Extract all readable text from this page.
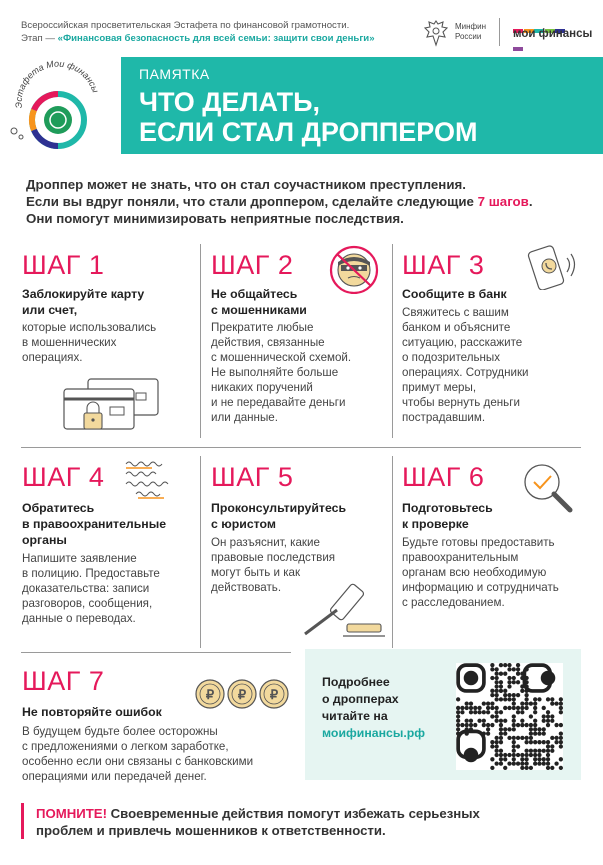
Всероссийская просветительская Эстафета по финансовой грамотности.
Этап — «Финансовая безопасность для всей семьи: защити свои деньги»
Минфин
России	мои финансы
Эстафета Мои финансы
ПАМЯТКА
ЧТО ДЕЛАТЬ,
ЕСЛИ СТАЛ ДРОППЕРОМ
Дроппер может не знать, что он стал соучастником преступления.
Если вы вдруг поняли, что стали дроппером, сделайте следующие 7 шагов.
Они помогут минимизировать неприятные последствия.
ШАГ 1
Заблокируйте карту
или счет,
которые использовались
в мошеннических
операциях.
ШАГ 2
Не общайтесь
с мошенниками
Прекратите любые
действия, связанные
с мошеннической схемой.
Не выполняйте больше
никаких поручений
и не передавайте деньги
или данные.
ШАГ 3
Сообщите в банк
Свяжитесь с вашим
банком и объясните
ситуацию, расскажите
о подозрительных
операциях. Сотрудники
примут меры,
чтобы вернуть деньги
пострадавшим.
ШАГ 4
Обратитесь
в правоохранительные
органы
Напишите заявление
в полицию. Предоставьте
доказательства: записи
разговоров, сообщения,
данные о переводах.
ШАГ 5
Проконсультируйтесь
с юристом
Он разъяснит, какие
правовые последствия
могут быть и как
действовать.
ШАГ 6
Подготовьтесь
к проверке
Будьте готовы предоставить
правоохранительным
органам всю необходимую
информацию и сотрудничать
с расследованием.
ШАГ 7
Не повторяйте ошибок
В будущем будьте более осторожны
с предложениями о легком заработке,
особенно если они связаны с банковскими
операциями или передачей денег.
₽ ₽ ₽
Подробнее
о дропперах
читайте на
моифинансы.рф
ПОМНИТЕ! Своевременные действия помогут избежать серьезных
проблем и привлечь мошенников к ответственности.
